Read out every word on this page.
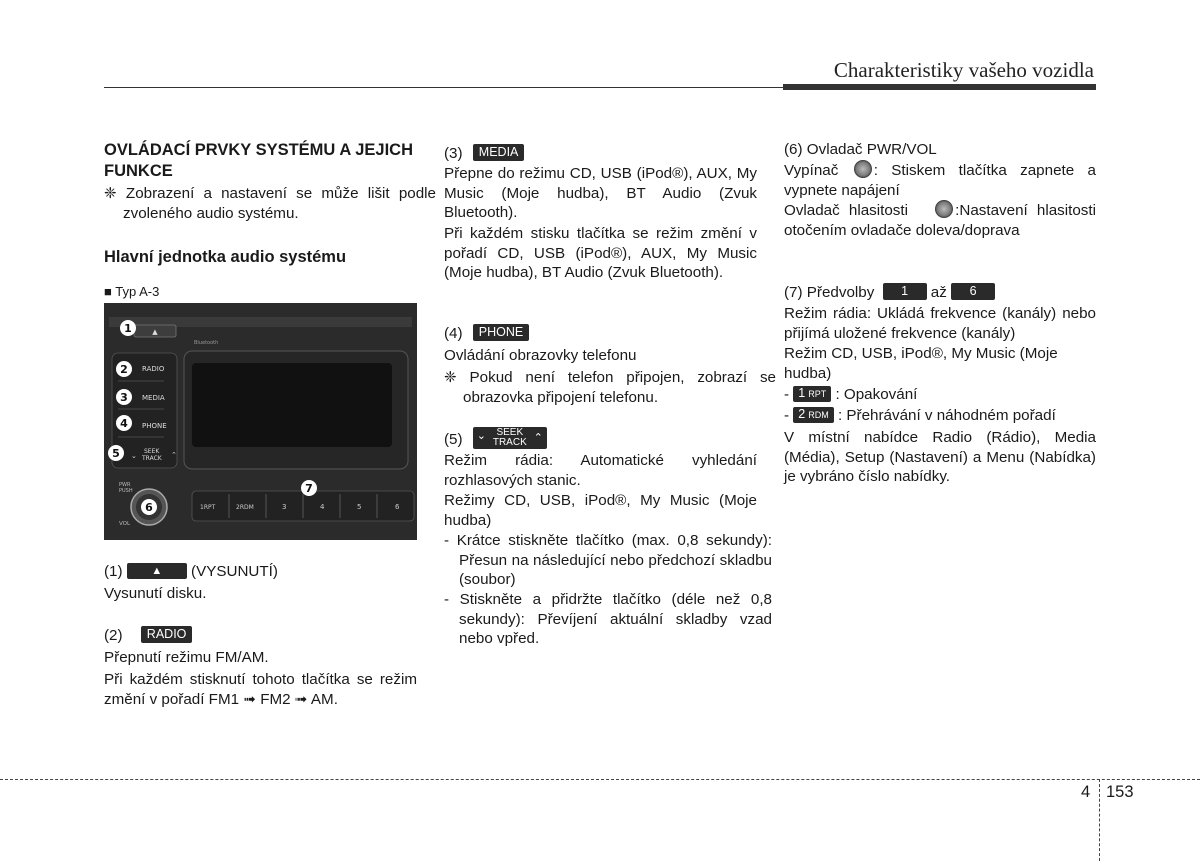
Charakteristiky vašeho vozidla
OVLÁDACÍ PRVKY SYSTÉMU A JEJICH FUNKCE
❈ Zobrazení a nastavení se může lišit podle zvoleného audio systému.
Hlavní jednotka audio systému
■ Typ A-3
▲
Bluetooth
RADIO
MEDIA
PHONE
SEEK
TRACK
⌄	⌃
PWR
PUSH
VOL
1RPT	2RDM	3	4	5	6
1
2
3
4
5
6
7
(1)	▲ (VYSUNUTÍ)
Vysunutí disku.
(2) RADIO
Přepnutí režimu FM/AM.
Při každém stisknutí tohoto tlačítka se režim změní v pořadí FM1 ➟ FM2 ➟ AM.
(3) MEDIA
Přepne do režimu CD, USB (iPod®), AUX, My Music (Moje hudba), BT Audio (Zvuk Bluetooth).
Při každém stisku tlačítka se režim změní v pořadí CD, USB (iPod®), AUX, My Music (Moje hudba), BT Audio (Zvuk Bluetooth).
(4) PHONE
Ovládání obrazovky telefonu
❈ Pokud není telefon připojen, zobrazí se obrazovka připojení telefonu.
(5)	SEEK
TRACK
⌄	⌃
Režim rádia: Automatické vyhledání rozhlasových stanic.
Režimy CD, USB, iPod®, My Music (Moje hudba)
- Krátce stiskněte tlačítko (max. 0,8 sekundy): Přesun na následující nebo předchozí skladbu (soubor)
- Stiskněte a přidržte tlačítko (déle než 0,8 sekundy): Převíjení aktuální skladby vzad nebo vpřed.
(6) Ovladač PWR/VOL
Vypínač : Stiskem tlačítka zapnete a vypnete napájení
Ovladač hlasitosti	:Nastavení hlasitosti otočením ovladače doleva/doprava
(7) Předvolby 1 až 6
Režim rádia: Ukládá frekvence (kanály) nebo přijímá uložené frekvence (kanály)
Režim CD, USB, iPod®, My Music (Moje hudba)
- 1 RPT : Opakování
- 2 RDM : Přehrávání v náhodném pořadí
V místní nabídce Radio (Rádio), Media (Média), Setup (Nastavení) a Menu (Nabídka) je vybráno číslo nabídky.
4 153
